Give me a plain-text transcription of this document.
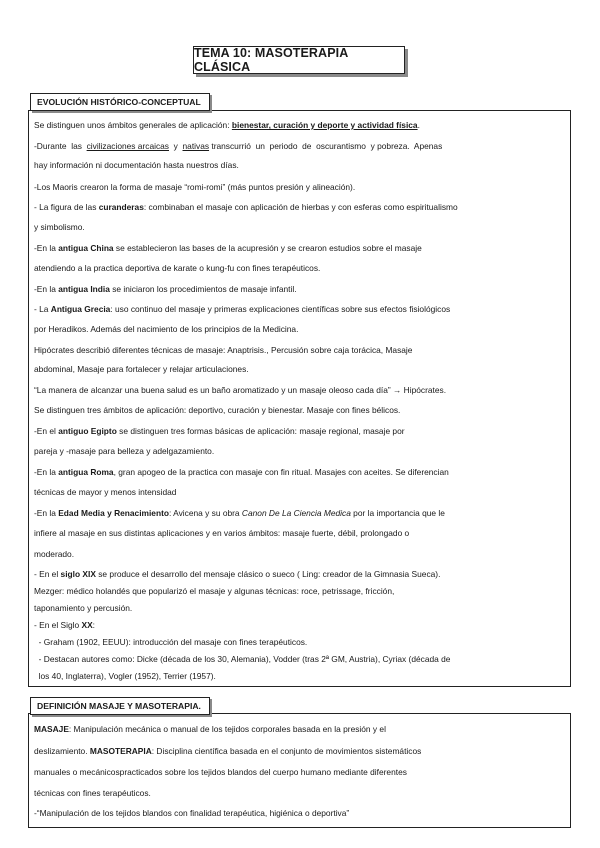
TEMA 10: MASOTERAPIA CLÁSICA
EVOLUCIÓN HISTÓRICO-CONCEPTUAL
DEFINICIÓN MASAJE Y MASOTERAPIA.
Se distinguen unos ámbitos generales de aplicación: bienestar, curación y deporte y actividad física.
-Durante  las  civilizaciones arcaicas  y  nativas transcurrió  un  periodo  de  oscurantismo  y pobreza.  Apenas
hay información ni documentación hasta nuestros días.
-Los Maoris crearon la forma de masaje “romi-romi” (más puntos presión y alineación).
- La figura de las curanderas: combinaban el masaje con aplicación de hierbas y con esferas como espiritualismo
y simbolismo.
-En la antigua China se establecieron las bases de la acupresión y se crearon estudios sobre el masaje
atendiendo a la practica deportiva de karate o kung-fu con fines terapéuticos.
-En la antigua India se iniciaron los procedimientos de masaje infantil.
- La Antigua Grecia: uso continuo del masaje y primeras explicaciones científicas sobre sus efectos fisiológicos
por Heradikos. Además del nacimiento de los principios de la Medicina.
Hipócrates describió diferentes técnicas de masaje: Anaptrisis., Percusión sobre caja torácica, Masaje
abdominal, Masaje para fortalecer y relajar articulaciones.
“La manera de alcanzar una buena salud es un baño aromatizado y un masaje oleoso cada día” → Hipócrates.
Se distinguen tres ámbitos de aplicación: deportivo, curación y bienestar. Masaje con fines bélicos.
-En el antiguo Egipto se distinguen tres formas básicas de aplicación: masaje regional, masaje por
pareja y -masaje para belleza y adelgazamiento.
-En la antigua Roma, gran apogeo de la practica con masaje con fin ritual. Masajes con aceites. Se diferencian
técnicas de mayor y menos intensidad
-En la Edad Media y Renacimiento: Avicena y su obra Canon De La Ciencia Medica por la importancia que le
infiere al masaje en sus distintas aplicaciones y en varios ámbitos: masaje fuerte, débil, prolongado o
moderado.
- En el siglo XIX se produce el desarrollo del mensaje clásico o sueco ( Ling: creador de la Gimnasia Sueca).
Mezger: médico holandés que popularizó el masaje y algunas técnicas: roce, petrissage, fricción,
taponamiento y percusión.
- En el Siglo XX:
- Graham (1902, EEUU): introducción del masaje con fines terapéuticos.
- Destacan autores como: Dicke (década de los 30, Alemania), Vodder (tras 2ª GM, Austria), Cyriax (década de
los 40, Inglaterra), Vogler (1952), Terrier (1957).
MASAJE: Manipulación mecánica o manual de los tejidos corporales basada en la presión y el
deslizamiento. MASOTERAPIA: Disciplina científica basada en el conjunto de movimientos sistemáticos
manuales o mecánicospracticados sobre los tejidos blandos del cuerpo humano mediante diferentes
técnicas con fines terapéuticos.
-“Manipulación de los tejidos blandos con finalidad terapéutica, higiénica o deportiva”
